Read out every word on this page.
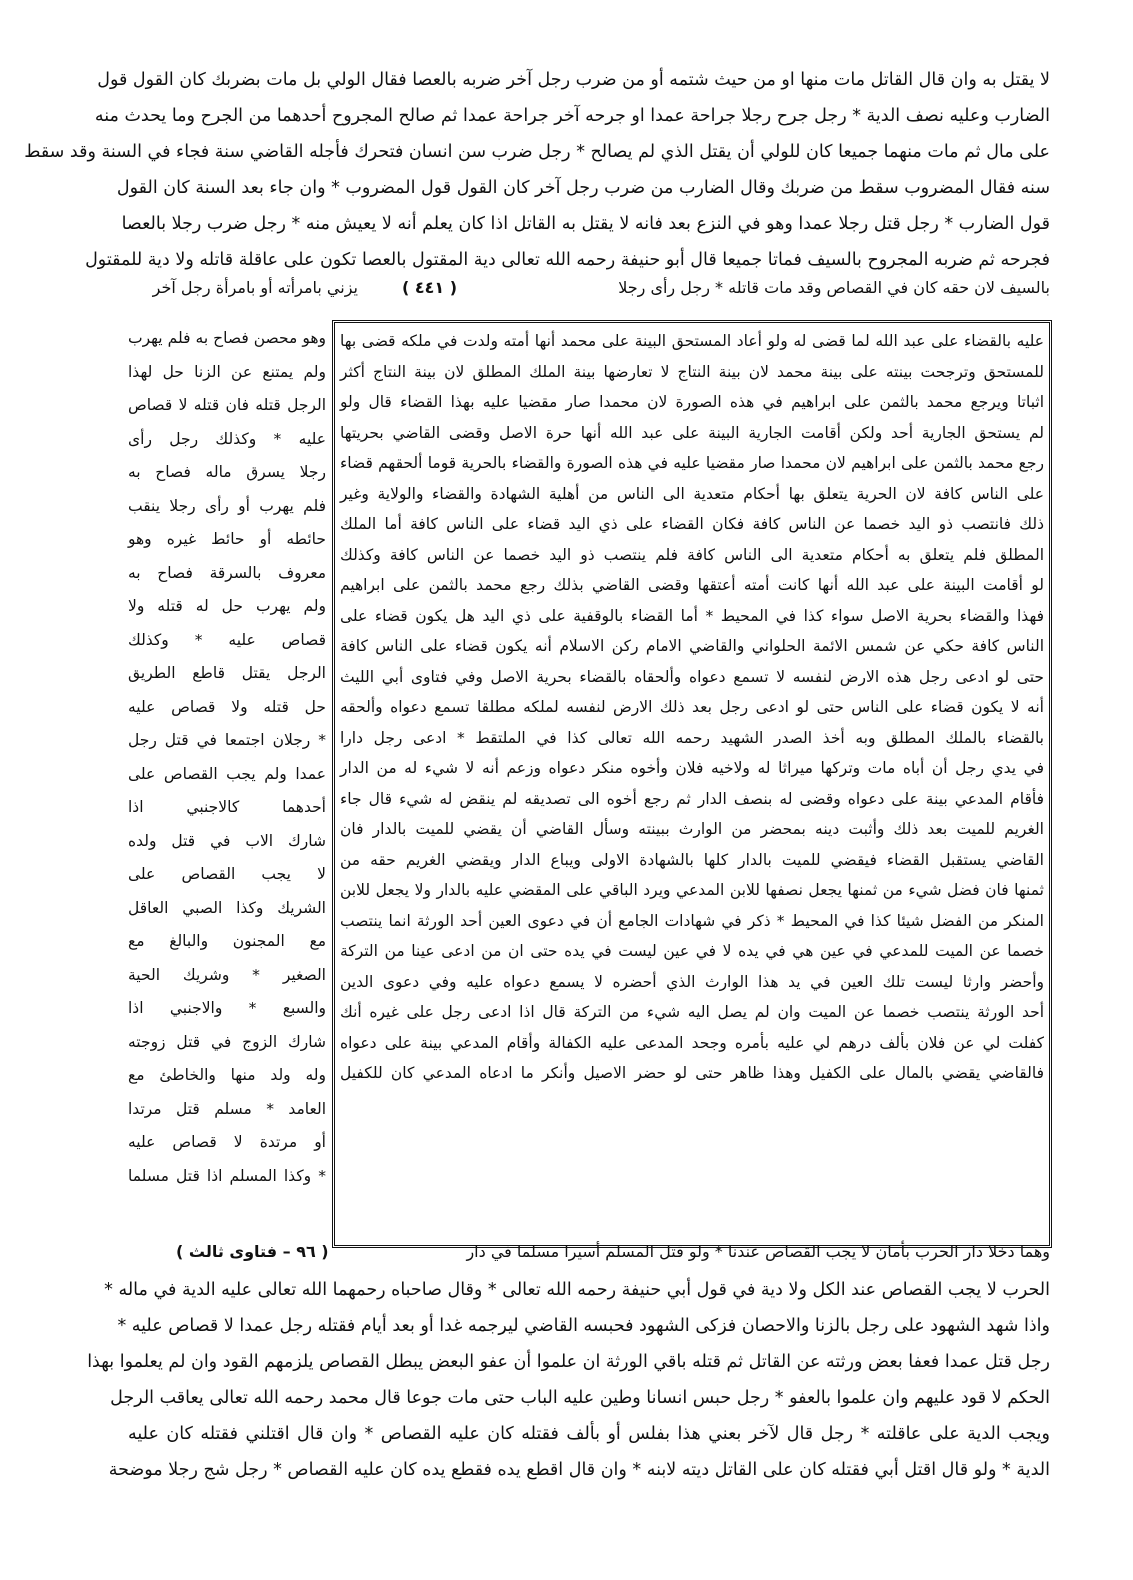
لا يقتل به وان قال القاتل مات منها او من حيث شتمه أو من ضرب رجل آخر ضربه بالعصا فقال الولي بل مات بضربك كان القول قول
الضارب وعليه نصف الدية * رجل جرح رجلا جراحة عمدا او جرحه آخر جراحة عمدا ثم صالح المجروح أحدهما من الجرح وما يحدث منه
على مال ثم مات منهما جميعا كان للولي أن يقتل الذي لم يصالح * رجل ضرب سن انسان فتحرك فأجله القاضي سنة فجاء في السنة وقد سقط
سنه فقال المضروب سقط من ضربك وقال الضارب من ضرب رجل آخر كان القول قول المضروب * وان جاء بعد السنة كان القول
قول الضارب * رجل قتل رجلا عمدا وهو في النزع بعد فانه لا يقتل به القاتل اذا كان يعلم أنه لا يعيش منه * رجل ضرب رجلا بالعصا
فجرحه ثم ضربه المجروح بالسيف فماتا جميعا قال أبو حنيفة رحمه الله تعالى دية المقتول بالعصا تكون على عاقلة قاتله ولا دية للمقتول
بالسيف لان حقه كان في القصاص وقد مات قاتله * رجل رأى رجلا
( ٤٤١ )
يزني بامرأته أو بامرأة رجل آخر
عليه بالقضاء على عبد الله لما قضى له ولو أعاد المستحق البينة على محمد أنها أمته ولدت في ملكه قضى بها
للمستحق وترجحت بينته على بينة محمد لان بينة النتاج لا تعارضها بينة الملك المطلق لان بينة النتاج أكثر
اثباتا ويرجع محمد بالثمن على ابراهيم في هذه الصورة لان محمدا صار مقضيا عليه بهذا القضاء قال ولو
لم يستحق الجارية أحد ولكن أقامت الجارية البينة على عبد الله أنها حرة الاصل وقضى القاضي بحريتها
رجع محمد بالثمن على ابراهيم لان محمدا صار مقضيا عليه في هذه الصورة والقضاء بالحرية قوما ألحقهم قضاء
على الناس كافة لان الحرية يتعلق بها أحكام متعدية الى الناس من أهلية الشهادة والقضاء والولاية وغير
ذلك فانتصب ذو اليد خصما عن الناس كافة فكان القضاء على ذي اليد قضاء على الناس كافة أما الملك
المطلق فلم يتعلق به أحكام متعدية الى الناس كافة فلم ينتصب ذو اليد خصما عن الناس كافة وكذلك
لو أقامت البينة على عبد الله أنها كانت أمته أعتقها وقضى القاضي بذلك رجع محمد بالثمن على ابراهيم
فهذا والقضاء بحرية الاصل سواء كذا في المحيط * أما القضاء بالوقفية على ذي اليد هل يكون قضاء على
الناس كافة حكي عن شمس الائمة الحلواني والقاضي الامام ركن الاسلام أنه يكون قضاء على الناس كافة
حتى لو ادعى رجل هذه الارض لنفسه لا تسمع دعواه وألحقاه بالقضاء بحرية الاصل وفي فتاوى أبي الليث
أنه لا يكون قضاء على الناس حتى لو ادعى رجل بعد ذلك الارض لنفسه لملكه مطلقا تسمع دعواه وألحقه
بالقضاء بالملك المطلق وبه أخذ الصدر الشهيد رحمه الله تعالى كذا في الملتقط * ادعى رجل دارا
في يدي رجل أن أباه مات وتركها ميراثا له ولاخيه فلان وأخوه منكر دعواه وزعم أنه لا شيء له من الدار
فأقام المدعي بينة على دعواه وقضى له بنصف الدار ثم رجع أخوه الى تصديقه لم ينقض له شيء قال جاء
الغريم للميت بعد ذلك وأثبت دينه بمحضر من الوارث ببينته وسأل القاضي أن يقضي للميت بالدار فان
القاضي يستقبل القضاء فيقضي للميت بالدار كلها بالشهادة الاولى ويباع الدار ويقضي الغريم حقه من
ثمنها فان فضل شيء من ثمنها يجعل نصفها للابن المدعي ويرد الباقي على المقضي عليه بالدار ولا يجعل للابن
المنكر من الفضل شيئا كذا في المحيط * ذكر في شهادات الجامع أن في دعوى العين أحد الورثة انما ينتصب
خصما عن الميت للمدعي في عين هي في يده لا في عين ليست في يده حتى ان من ادعى عينا من التركة
وأحضر وارثا ليست تلك العين في يد هذا الوارث الذي أحضره لا يسمع دعواه عليه وفي دعوى الدين
أحد الورثة ينتصب خصما عن الميت وان لم يصل اليه شيء من التركة قال اذا ادعى رجل على غيره أنك
كفلت لي عن فلان بألف درهم لي عليه بأمره وجحد المدعى عليه الكفالة وأقام المدعي بينة على دعواه
فالقاضي يقضي بالمال على الكفيل وهذا ظاهر حتى لو حضر الاصيل وأنكر ما ادعاه المدعي كان للكفيل
وهو محصن فصاح به فلم يهرب
ولم يمتنع عن الزنا حل لهذا
الرجل قتله فان قتله لا قصاص
عليه * وكذلك رجل رأى
رجلا يسرق ماله فصاح به
فلم يهرب أو رأى رجلا ينقب
حائطه أو حائط غيره وهو
معروف بالسرقة فصاح به
ولم يهرب حل له قتله ولا
قصاص عليه * وكذلك
الرجل يقتل قاطع الطريق
حل قتله ولا قصاص عليه
* رجلان اجتمعا في قتل رجل
عمدا ولم يجب القصاص على
أحدهما كالاجنبي اذا
شارك الاب في قتل ولده
لا يجب القصاص على
الشريك وكذا الصبي العاقل
مع المجنون والبالغ مع
الصغير * وشريك الحية
والسبع * والاجنبي اذا
شارك الزوج في قتل زوجته
وله ولد منها والخاطئ مع
العامد * مسلم قتل مرتدا
أو مرتدة لا قصاص عليه
* وكذا المسلم اذا قتل مسلما
وهما دخلا دار الحرب بأمان لا يجب القصاص عندنا * ولو قتل المسلم أسيرا مسلما في دار
( ٩٦ – فتاوى ثالث )
الحرب لا يجب القصاص عند الكل ولا دية في قول أبي حنيفة رحمه الله تعالى * وقال صاحباه رحمهما الله تعالى عليه الدية في ماله *
واذا شهد الشهود على رجل بالزنا والاحصان فزكى الشهود فحبسه القاضي ليرجمه غدا أو بعد أيام فقتله رجل عمدا لا قصاص عليه *
رجل قتل عمدا فعفا بعض ورثته عن القاتل ثم قتله باقي الورثة ان علموا أن عفو البعض يبطل القصاص يلزمهم القود وان لم يعلموا بهذا
الحكم لا قود عليهم وان علموا بالعفو * رجل حبس انسانا وطين عليه الباب حتى مات جوعا قال محمد رحمه الله تعالى يعاقب الرجل
ويجب الدية على عاقلته * رجل قال لآخر بعني هذا بفلس أو بألف فقتله كان عليه القصاص * وان قال اقتلني فقتله كان عليه
الدية * ولو قال اقتل أبي فقتله كان على القاتل ديته لابنه * وان قال اقطع يده فقطع يده كان عليه القصاص * رجل شج رجلا موضحة
